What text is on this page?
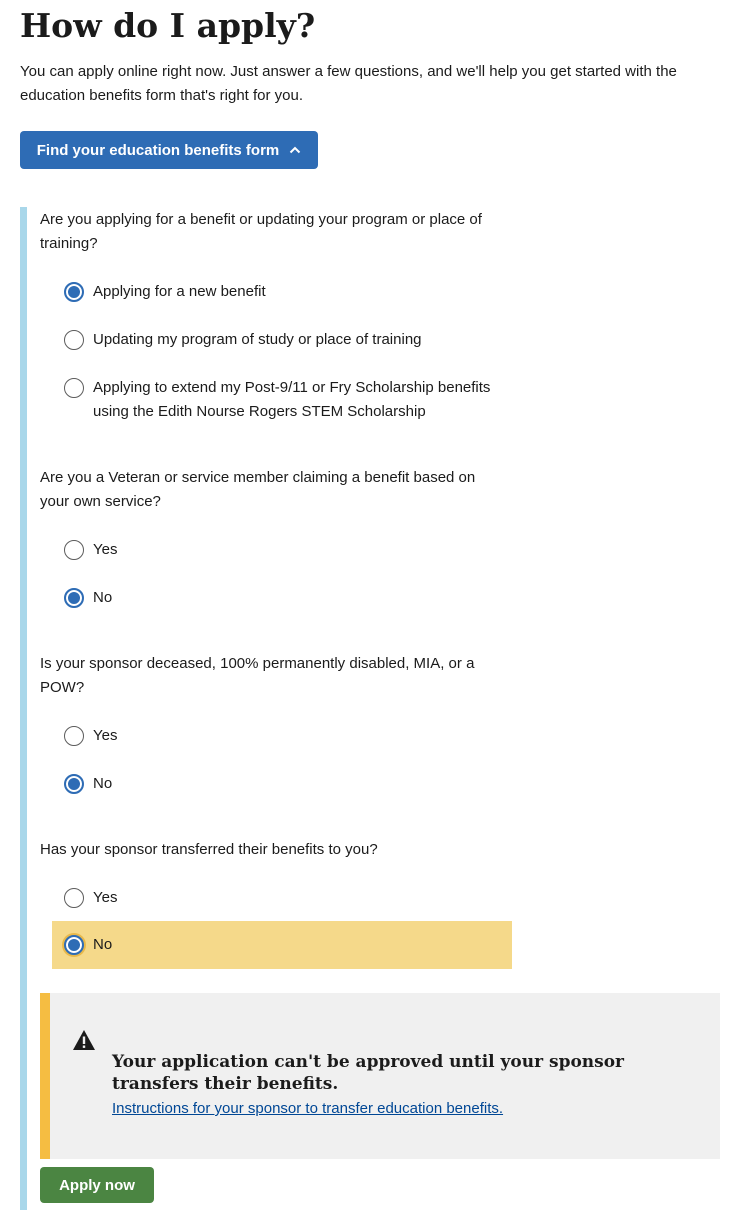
How do I apply?

You can apply online right now. Just answer a few questions, and we'll help you get started with the education benefits form that's right for you.

Find your education benefits form

Are you applying for a benefit or updating your program or place of training?

Applying for a new benefit
Updating my program of study or place of training
Applying to extend my Post-9/11 or Fry Scholarship benefits using the Edith Nourse Rogers STEM Scholarship

Are you a Veteran or service member claiming a benefit based on your own service?

Yes
No

Is your sponsor deceased, 100% permanently disabled, MIA, or a POW?

Yes
No

Has your sponsor transferred their benefits to you?

Yes
No

Your application can't be approved until your sponsor transfers their benefits.

Instructions for your sponsor to transfer education benefits.
Apply now
